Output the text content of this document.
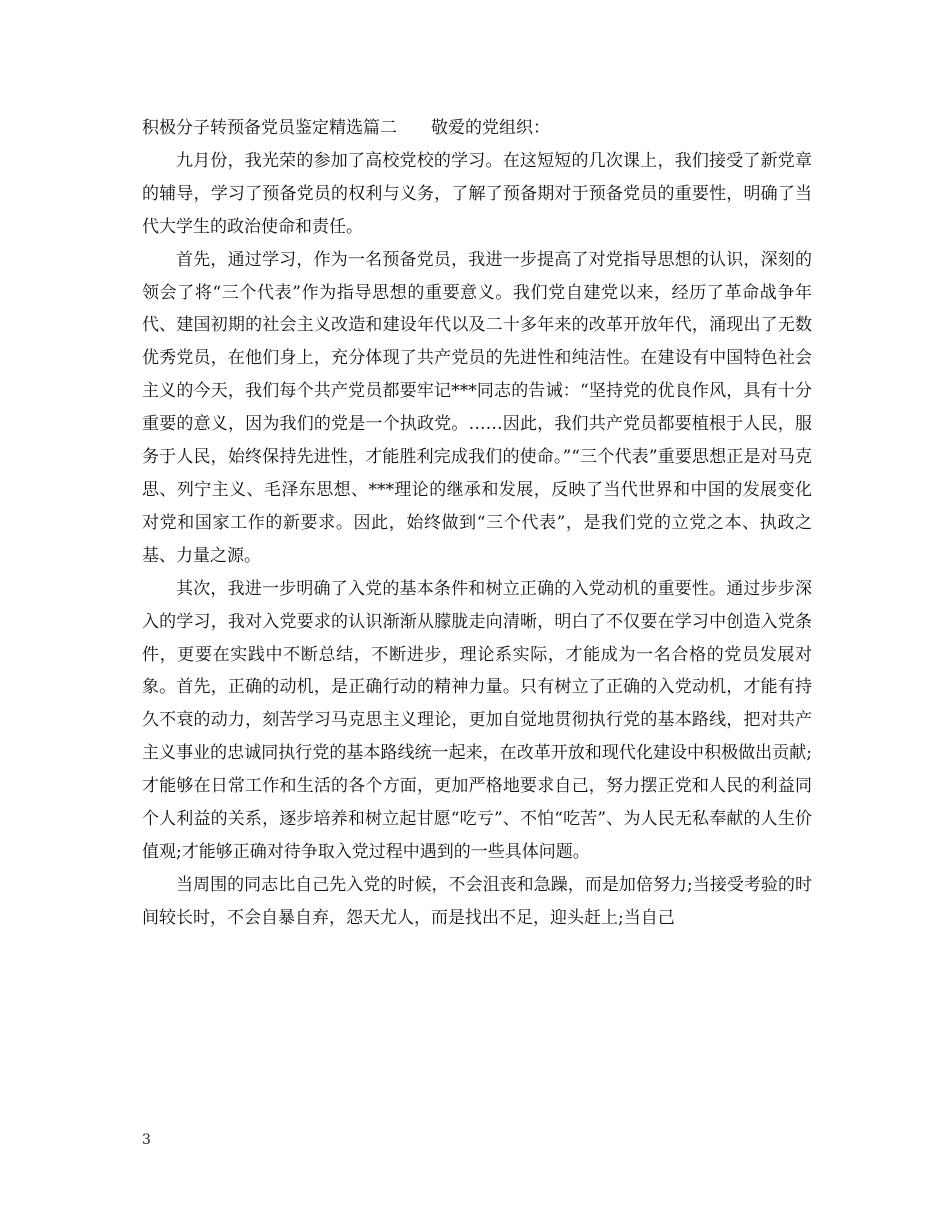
积极分子转预备党员鉴定精选篇二 敬爱的党组织：

九月份，我光荣的参加了高校党校的学习。在这短短的几次课上，我们接受了新党章的辅导，学习了预备党员的权利与义务，了解了预备期对于预备党员的重要性，明确了当代大学生的政治使命和责任。

首先，通过学习，作为一名预备党员，我进一步提高了对党指导思想的认识，深刻的领会了将“三个代表”作为指导思想的重要意义。我们党自建党以来，经历了革命战争年代、建国初期的社会主义改造和建设年代以及二十多年来的改革开放年代，涌现出了无数优秀党员，在他们身上，充分体现了共产党员的先进性和纯洁性。在建设有中国特色社会主义的今天，我们每个共产党员都要牢记***同志的告诫：“坚持党的优良作风，具有十分重要的意义，因为我们的党是一个执政党。……因此，我们共产党员都要植根于人民，服务于人民，始终保持先进性，才能胜利完成我们的使命。”“三个代表”重要思想正是对马克思、列宁主义、毛泽东思想、***理论的继承和发展，反映了当代世界和中国的发展变化对党和国家工作的新要求。因此，始终做到“三个代表”，是我们党的立党之本、执政之基、力量之源。

其次，我进一步明确了入党的基本条件和树立正确的入党动机的重要性。通过步步深入的学习，我对入党要求的认识渐渐从朦胧走向清晰，明白了不仅要在学习中创造入党条件，更要在实践中不断总结，不断进步，理论系实际，才能成为一名合格的党员发展对象。首先，正确的动机，是正确行动的精神力量。只有树立了正确的入党动机，才能有持久不衰的动力，刻苦学习马克思主义理论，更加自觉地贯彻执行党的基本路线，把对共产主义事业的忠诚同执行党的基本路线统一起来，在改革开放和现代化建设中积极做出贡献;才能够在日常工作和生活的各个方面，更加严格地要求自己，努力摆正党和人民的利益同个人利益的关系，逐步培养和树立起甘愿“吃亏”、不怕“吃苦”、为人民无私奉献的人生价值观;才能够正确对待争取入党过程中遇到的一些具体问题。

当周围的同志比自己先入党的时候，不会沮丧和急躁，而是加倍努力;当接受考验的时间较长时，不会自暴自弃，怨天尤人，而是找出不足，迎头赶上;当自己

3
